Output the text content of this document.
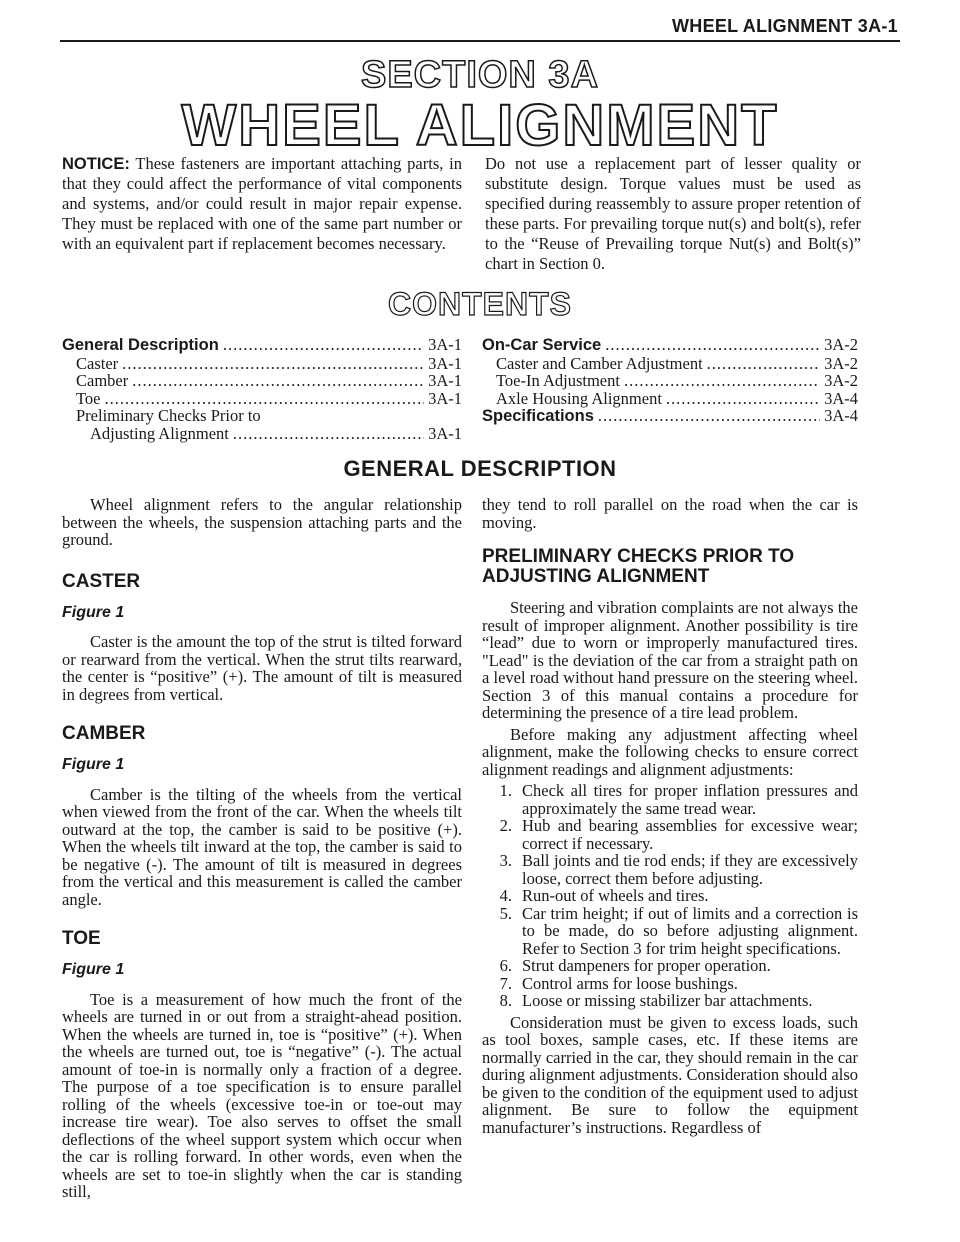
WHEEL ALIGNMENT 3A-1
SECTION 3A
WHEEL ALIGNMENT

NOTICE: These fasteners are important attaching parts, in that they could affect the performance of vital components and systems, and/or could result in major repair expense. They must be replaced with one of the same part number or with an equivalent part if replacement becomes necessary.

Do not use a replacement part of lesser quality or substitute design. Torque values must be used as specified during reassembly to assure proper retention of these parts. For prevailing torque nut(s) and bolt(s), refer to the “Reuse of Prevailing torque Nut(s) and Bolt(s)” chart in Section 0.

CONTENTS
General Description .....	3A-1
Caster .....	3A-1
Camber .....	3A-1
Toe .....	3A-1
Preliminary Checks Prior to
Adjusting Alignment .....	3A-1
On-Car Service .....	3A-2
Caster and Camber Adjustment .....	3A-2
Toe-In Adjustment .....	3A-2
Axle Housing Alignment .....	3A-4
Specifications .....	3A-4
GENERAL DESCRIPTION

Wheel alignment refers to the angular relationship between the wheels, the suspension attaching parts and the ground.

CASTER
Figure 1

Caster is the amount the top of the strut is tilted forward or rearward from the vertical. When the strut tilts rearward, the center is “positive” (+). The amount of tilt is measured in degrees from vertical.

CAMBER
Figure 1

Camber is the tilting of the wheels from the vertical when viewed from the front of the car. When the wheels tilt outward at the top, the camber is said to be positive (+). When the wheels tilt inward at the top, the camber is said to be negative (-). The amount of tilt is measured in degrees from the vertical and this measurement is called the camber angle.

TOE
Figure 1

Toe is a measurement of how much the front of the wheels are turned in or out from a straight-ahead position. When the wheels are turned in, toe is “positive” (+). When the wheels are turned out, toe is “negative” (-). The actual amount of toe-in is normally only a fraction of a degree. The purpose of a toe specification is to ensure parallel rolling of the wheels (excessive toe-in or toe-out may increase tire wear). Toe also serves to offset the small deflections of the wheel support system which occur when the car is rolling forward. In other words, even when the wheels are set to toe-in slightly when the car is standing still,

they tend to roll parallel on the road when the car is moving.

PRELIMINARY CHECKS PRIOR TO ADJUSTING ALIGNMENT

Steering and vibration complaints are not always the result of improper alignment. Another possibility is tire “lead” due to worn or improperly manufactured tires. "Lead" is the deviation of the car from a straight path on a level road without hand pressure on the steering wheel. Section 3 of this manual contains a procedure for determining the presence of a tire lead problem.

Before making any adjustment affecting wheel alignment, make the following checks to ensure correct alignment readings and alignment adjustments:

1. Check all tires for proper inflation pressures and approximately the same tread wear.
2. Hub and bearing assemblies for excessive wear; correct if necessary.
3. Ball joints and tie rod ends; if they are excessively loose, correct them before adjusting.
4. Run-out of wheels and tires.
5. Car trim height; if out of limits and a correction is to be made, do so before adjusting alignment. Refer to Section 3 for trim height specifications.
6. Strut dampeners for proper operation.
7. Control arms for loose bushings.
8. Loose or missing stabilizer bar attachments.

Consideration must be given to excess loads, such as tool boxes, sample cases, etc. If these items are normally carried in the car, they should remain in the car during alignment adjustments. Consideration should also be given to the condition of the equipment used to adjust alignment. Be sure to follow the equipment manufacturer’s instructions. Regardless of
